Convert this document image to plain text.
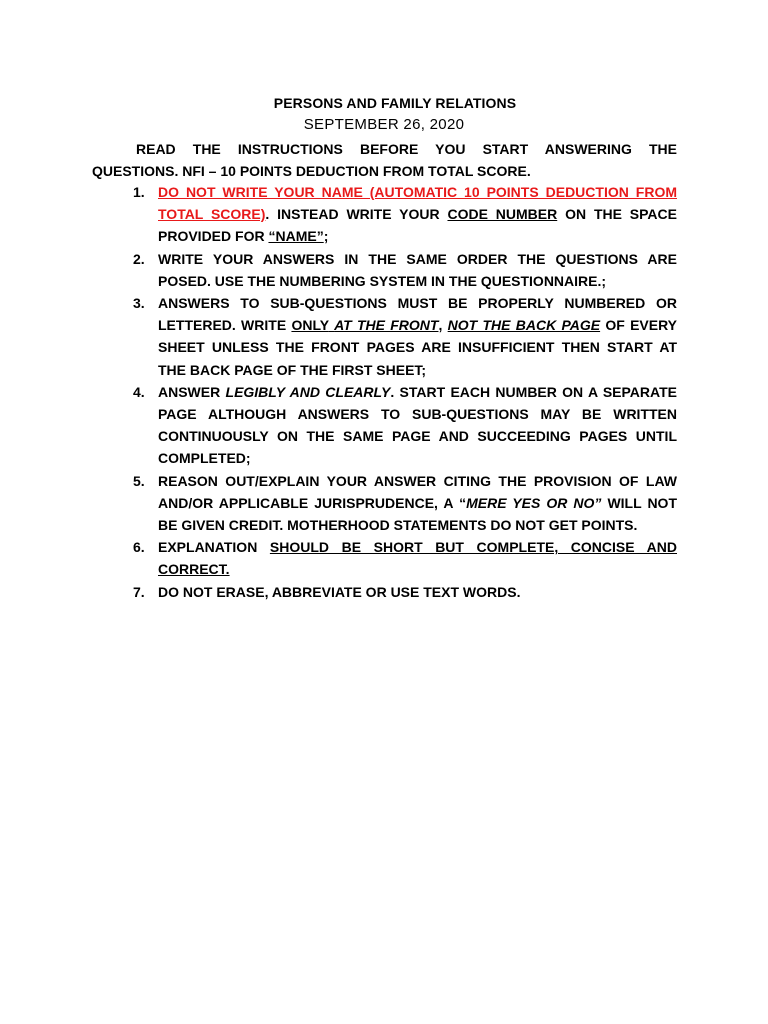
PERSONS AND FAMILY RELATIONS
SEPTEMBER 26, 2020
READ THE INSTRUCTIONS BEFORE YOU START ANSWERING THE
QUESTIONS. NFI – 10 POINTS DEDUCTION FROM TOTAL SCORE.
1. DO NOT WRITE YOUR NAME (AUTOMATIC 10 POINTS DEDUCTION FROM TOTAL SCORE). INSTEAD WRITE YOUR CODE NUMBER ON THE SPACE PROVIDED FOR “NAME”;
2. WRITE YOUR ANSWERS IN THE SAME ORDER THE QUESTIONS ARE POSED. USE THE NUMBERING SYSTEM IN THE QUESTIONNAIRE.;
3. ANSWERS TO SUB-QUESTIONS MUST BE PROPERLY NUMBERED OR LETTERED. WRITE ONLY AT THE FRONT, NOT THE BACK PAGE OF EVERY SHEET UNLESS THE FRONT PAGES ARE INSUFFICIENT THEN START AT THE BACK PAGE OF THE FIRST SHEET;
4. ANSWER LEGIBLY AND CLEARLY. START EACH NUMBER ON A SEPARATE PAGE ALTHOUGH ANSWERS TO SUB-QUESTIONS MAY BE WRITTEN CONTINUOUSLY ON THE SAME PAGE AND SUCCEEDING PAGES UNTIL COMPLETED;
5. REASON OUT/EXPLAIN YOUR ANSWER CITING THE PROVISION OF LAW AND/OR APPLICABLE JURISPRUDENCE, A “MERE YES OR NO” WILL NOT BE GIVEN CREDIT. MOTHERHOOD STATEMENTS DO NOT GET POINTS.
6. EXPLANATION SHOULD BE SHORT BUT COMPLETE, CONCISE AND CORRECT.
7. DO NOT ERASE, ABBREVIATE OR USE TEXT WORDS.
